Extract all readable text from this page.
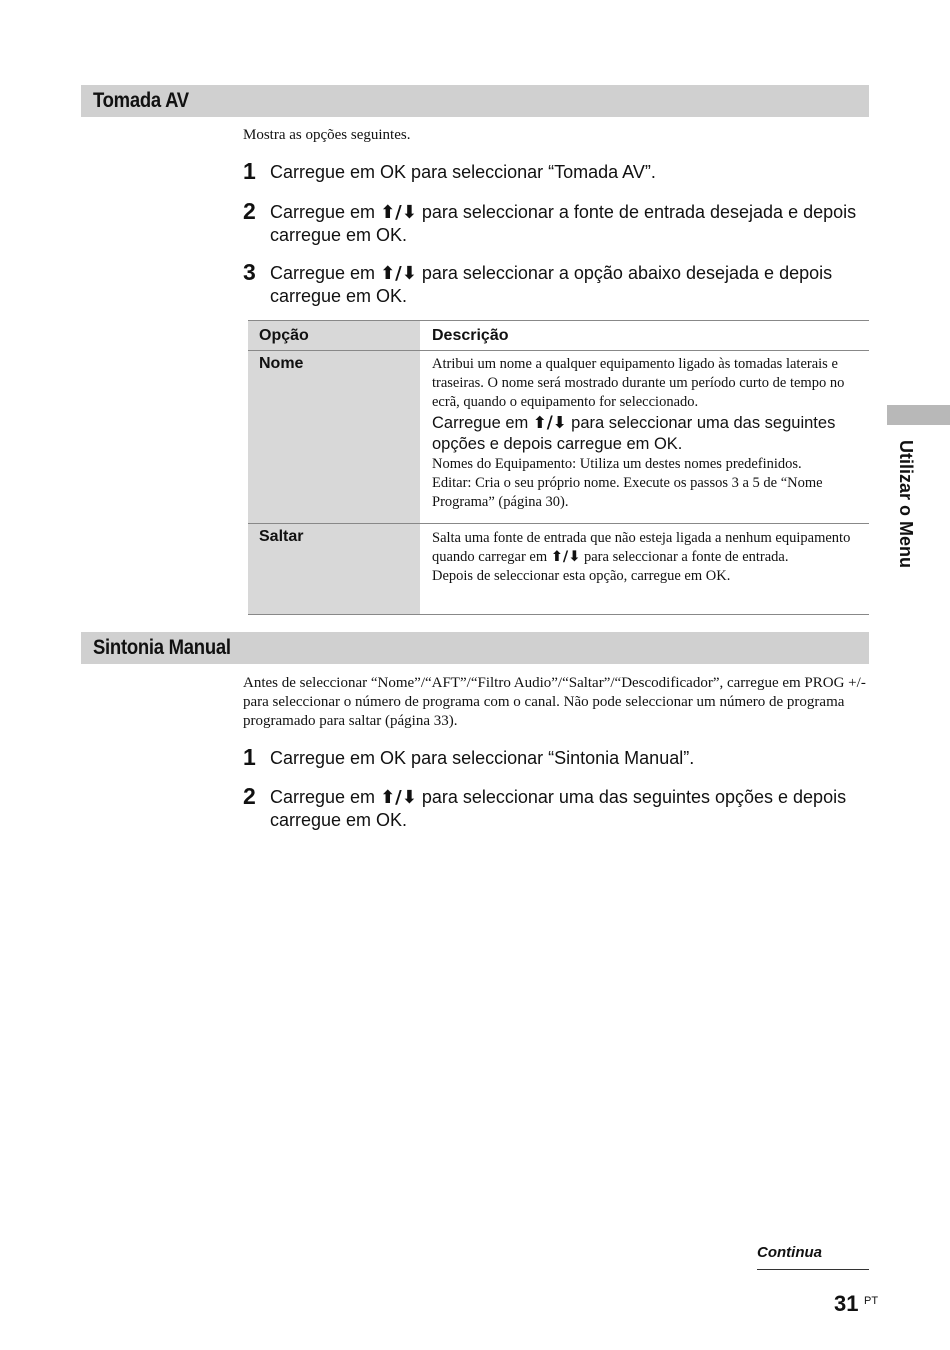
Tomada AV
Mostra as opções seguintes.
1 Carregue em OK para seleccionar “Tomada AV”.
2 Carregue em ⬆/⬇ para seleccionar a fonte de entrada desejada e depois carregue em OK.
3 Carregue em ⬆/⬇ para seleccionar a opção abaixo desejada e depois carregue em OK.
Opção	Descrição

Nome	Atribui um nome a qualquer equipamento ligado às tomadas laterais e traseiras. O nome será mostrado durante um período curto de tempo no ecrã, quando o equipamento for seleccionado.
Carregue em ⬆/⬇ para seleccionar uma das seguintes opções e depois carregue em OK.
Nomes do Equipamento: Utiliza um destes nomes predefinidos.
Editar: Cria o seu próprio nome. Execute os passos 3 a 5 de “Nome Programa” (página 30).

Saltar	Salta uma fonte de entrada que não esteja ligada a nenhum equipamento quando carregar em ⬆/⬇ para seleccionar a fonte de entrada.
Depois de seleccionar esta opção, carregue em OK.
Sintonia Manual
Antes de seleccionar “Nome”/“AFT”/“Filtro Audio”/“Saltar”/“Descodificador”, carregue em PROG +/- para seleccionar o número de programa com o canal. Não pode seleccionar um número de programa programado para saltar (página 33).
1 Carregue em OK para seleccionar “Sintonia Manual”.
2 Carregue em ⬆/⬇ para seleccionar uma das seguintes opções e depois carregue em OK.
Utilizar o Menu
Continua
31 PT
